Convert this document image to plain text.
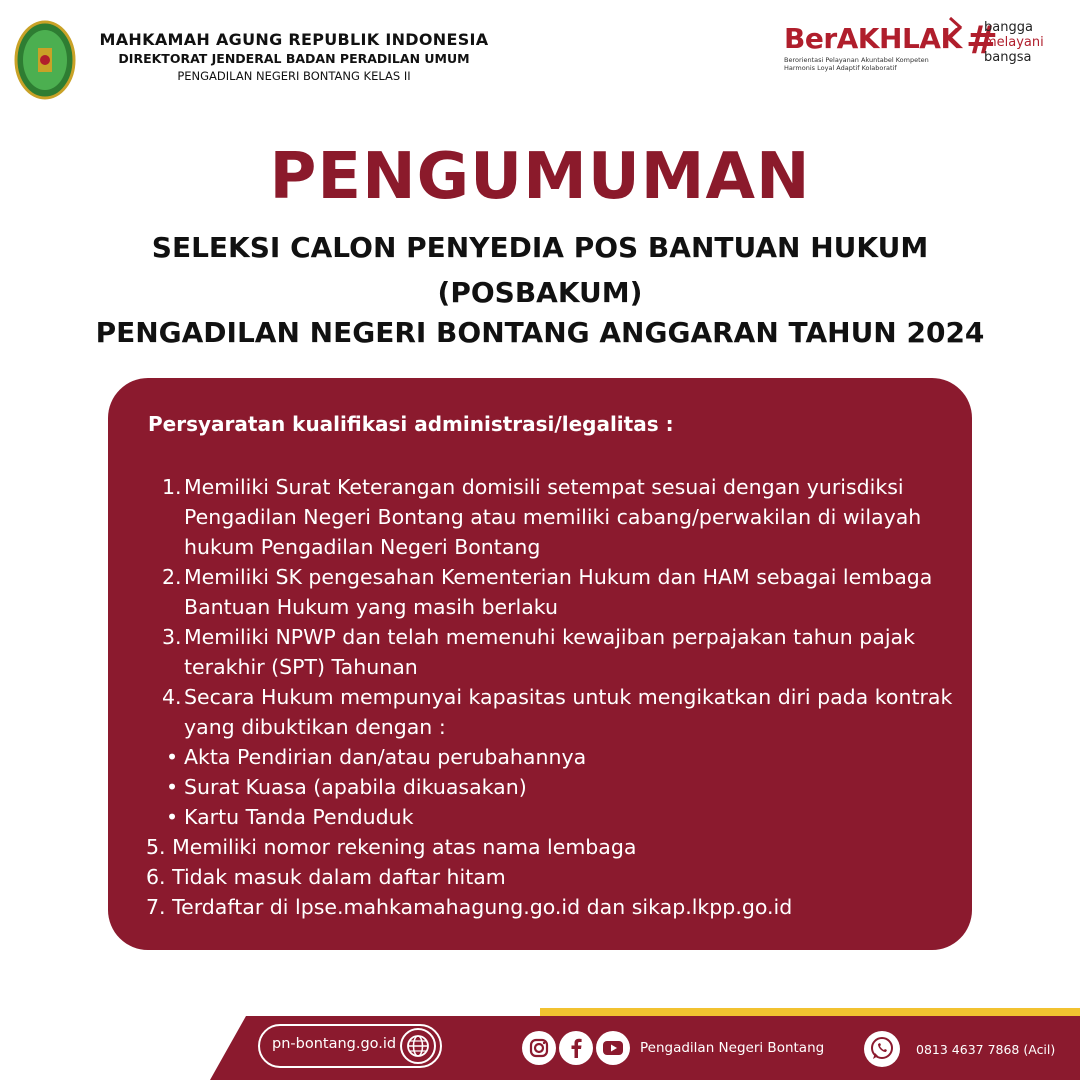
MAHKAMAH AGUNG REPUBLIK INDONESIA
DIREKTORAT JENDERAL BADAN PERADILAN UMUM
PENGADILAN NEGERI BONTANG KELAS II
BerAKHLAK
Berorientasi Pelayanan Akuntabel Kompeten
Harmonis Loyal Adaptif Kolaboratif
#
bangga
melayani
bangsa
PENGUMUMAN
SELEKSI CALON PENYEDIA POS BANTUAN HUKUM
(POSBAKUM)
PENGADILAN NEGERI BONTANG ANGGARAN TAHUN 2024
Persyaratan kualifikasi administrasi/legalitas :
1. Memiliki Surat Keterangan domisili setempat sesuai dengan yurisdiksi
Pengadilan Negeri Bontang atau memiliki cabang/perwakilan di wilayah
hukum Pengadilan Negeri Bontang
2. Memiliki SK pengesahan Kementerian Hukum dan HAM sebagai lembaga
Bantuan Hukum yang masih berlaku
3. Memiliki NPWP dan telah memenuhi kewajiban perpajakan tahun pajak
terakhir (SPT) Tahunan
4. Secara Hukum mempunyai kapasitas untuk mengikatkan diri pada kontrak
yang dibuktikan dengan :
• Akta Pendirian dan/atau perubahannya
• Surat Kuasa (apabila dikuasakan)
• Kartu Tanda Penduduk
5. Memiliki nomor rekening atas nama lembaga
6. Tidak masuk dalam daftar hitam
7. Terdaftar di lpse.mahkamahagung.go.id dan sikap.lkpp.go.id
pn-bontang.go.id	Pengadilan Negeri Bontang	0813 4637 7868 (Acil)
